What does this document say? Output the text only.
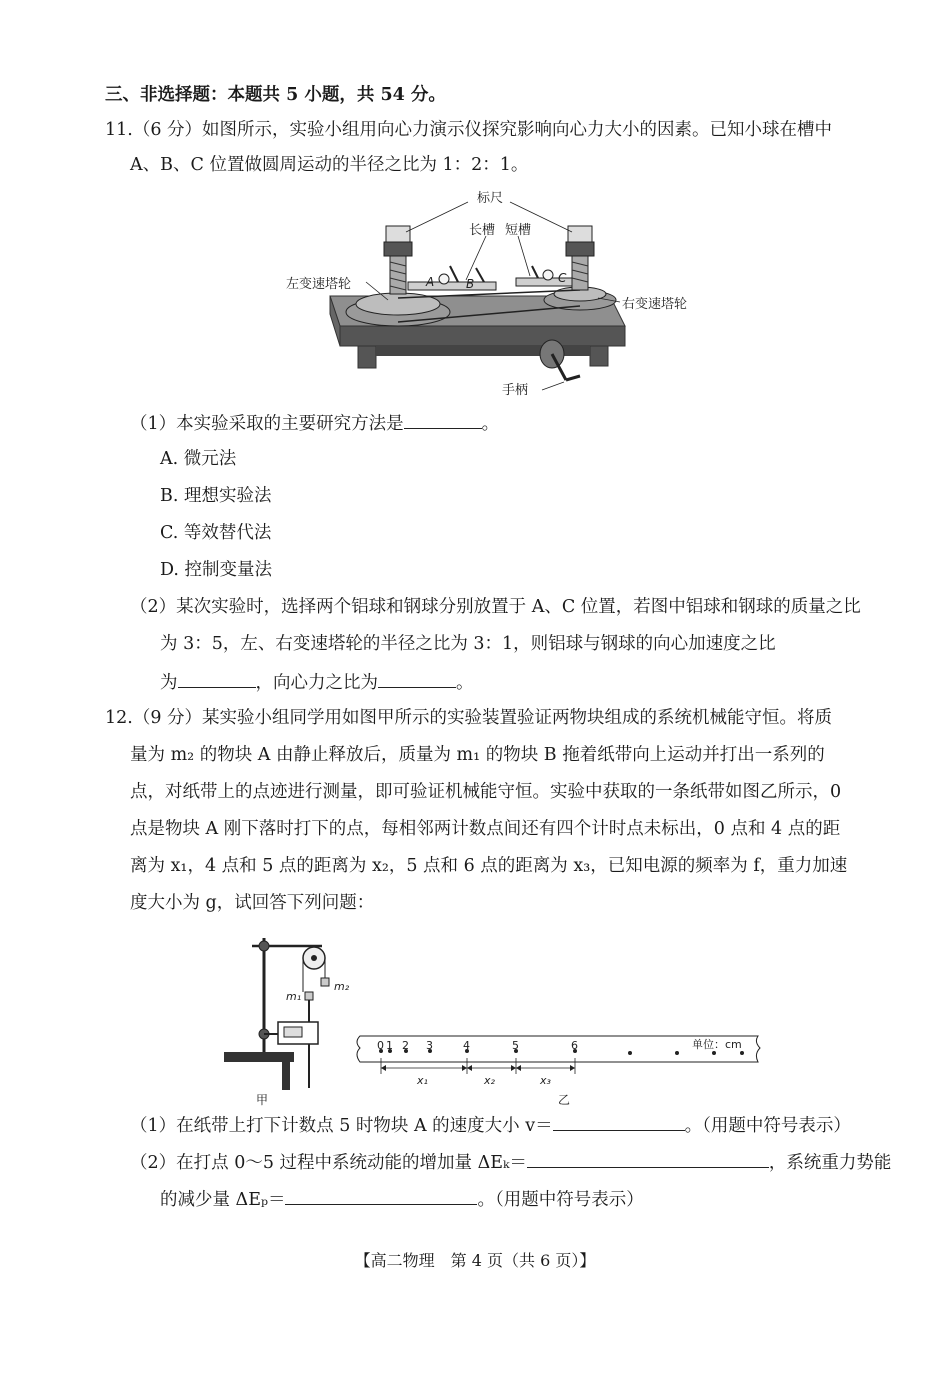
三、非选择题：本题共 5 小题，共 54 分。
11.（6 分）如图所示，实验小组用向心力演示仪探究影响向心力大小的因素。已知小球在槽中
A、B、C 位置做圆周运动的半径之比为 1：2：1。
A	B	C
标尺
长槽 短槽
左变速塔轮
右变速塔轮
手柄
（1）本实验采取的主要研究方法是	。
A. 微元法
B. 理想实验法
C. 等效替代法
D. 控制变量法
（2）某次实验时，选择两个铝球和钢球分别放置于 A、C 位置，若图中铝球和钢球的质量之比
为 3：5，左、右变速塔轮的半径之比为 3：1，则铝球与钢球的向心加速度之比
为	，向心力之比为	。
12.（9 分）某实验小组同学用如图甲所示的实验装置验证两物块组成的系统机械能守恒。将质
量为 m₂ 的物块 A 由静止释放后，质量为 m₁ 的物块 B 拖着纸带向上运动并打出一系列的
点，对纸带上的点迹进行测量，即可验证机械能守恒。实验中获取的一条纸带如图乙所示，0
点是物块 A 刚下落时打下的点，每相邻两计数点间还有四个计时点未标出，0 点和 4 点的距
离为 x₁，4 点和 5 点的距离为 x₂，5 点和 6 点的距离为 x₃，已知电源的频率为 f，重力加速
度大小为 g，试回答下列问题：
m₂
m₁
甲
0 1 2 3	4	5	6	单位：cm
x₁	x₂	x₃
乙
（1）在纸带上打下计数点 5 时物块 A 的速度大小 v＝	。（用题中符号表示）
（2）在打点 0～5 过程中系统动能的增加量 ΔEₖ＝	，系统重力势能
的减少量 ΔEₚ＝	。（用题中符号表示）
【高二物理　第 4 页（共 6 页）】
